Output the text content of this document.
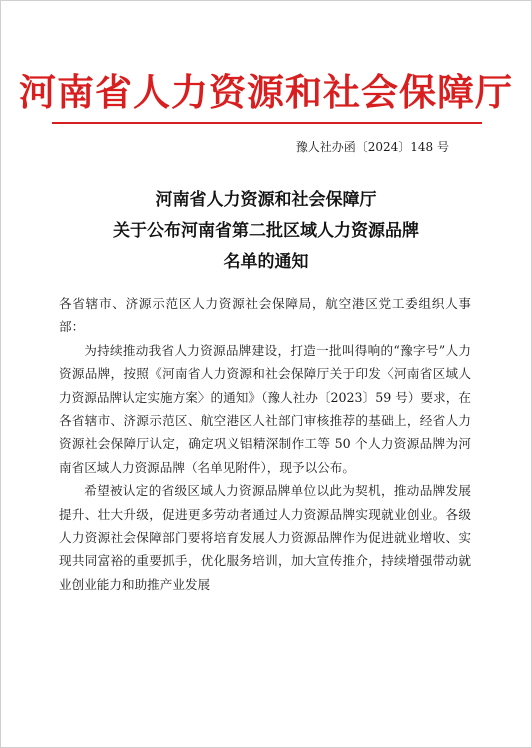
河南省人力资源和社会保障厅
豫人社办函〔2024〕148 号
河南省人力资源和社会保障厅
关于公布河南省第二批区域人力资源品牌
名单的通知

各省辖市、济源示范区人力资源社会保障局，航空港区党工委组织人事部：

为持续推动我省人力资源品牌建设，打造一批叫得响的“豫字号”人力资源品牌，按照《河南省人力资源和社会保障厅关于印发〈河南省区域人力资源品牌认定实施方案〉的通知》（豫人社办〔2023〕59 号）要求，在各省辖市、济源示范区、航空港区人社部门审核推荐的基础上，经省人力资源社会保障厅认定，确定巩义铝精深制作工等 50 个人力资源品牌为河南省区域人力资源品牌（名单见附件），现予以公布。

希望被认定的省级区域人力资源品牌单位以此为契机，推动品牌发展提升、壮大升级，促进更多劳动者通过人力资源品牌实现就业创业。各级人力资源社会保障部门要将培育发展人力资源品牌作为促进就业增收、实现共同富裕的重要抓手，优化服务培训，加大宣传推介，持续增强带动就业创业能力和助推产业发展
